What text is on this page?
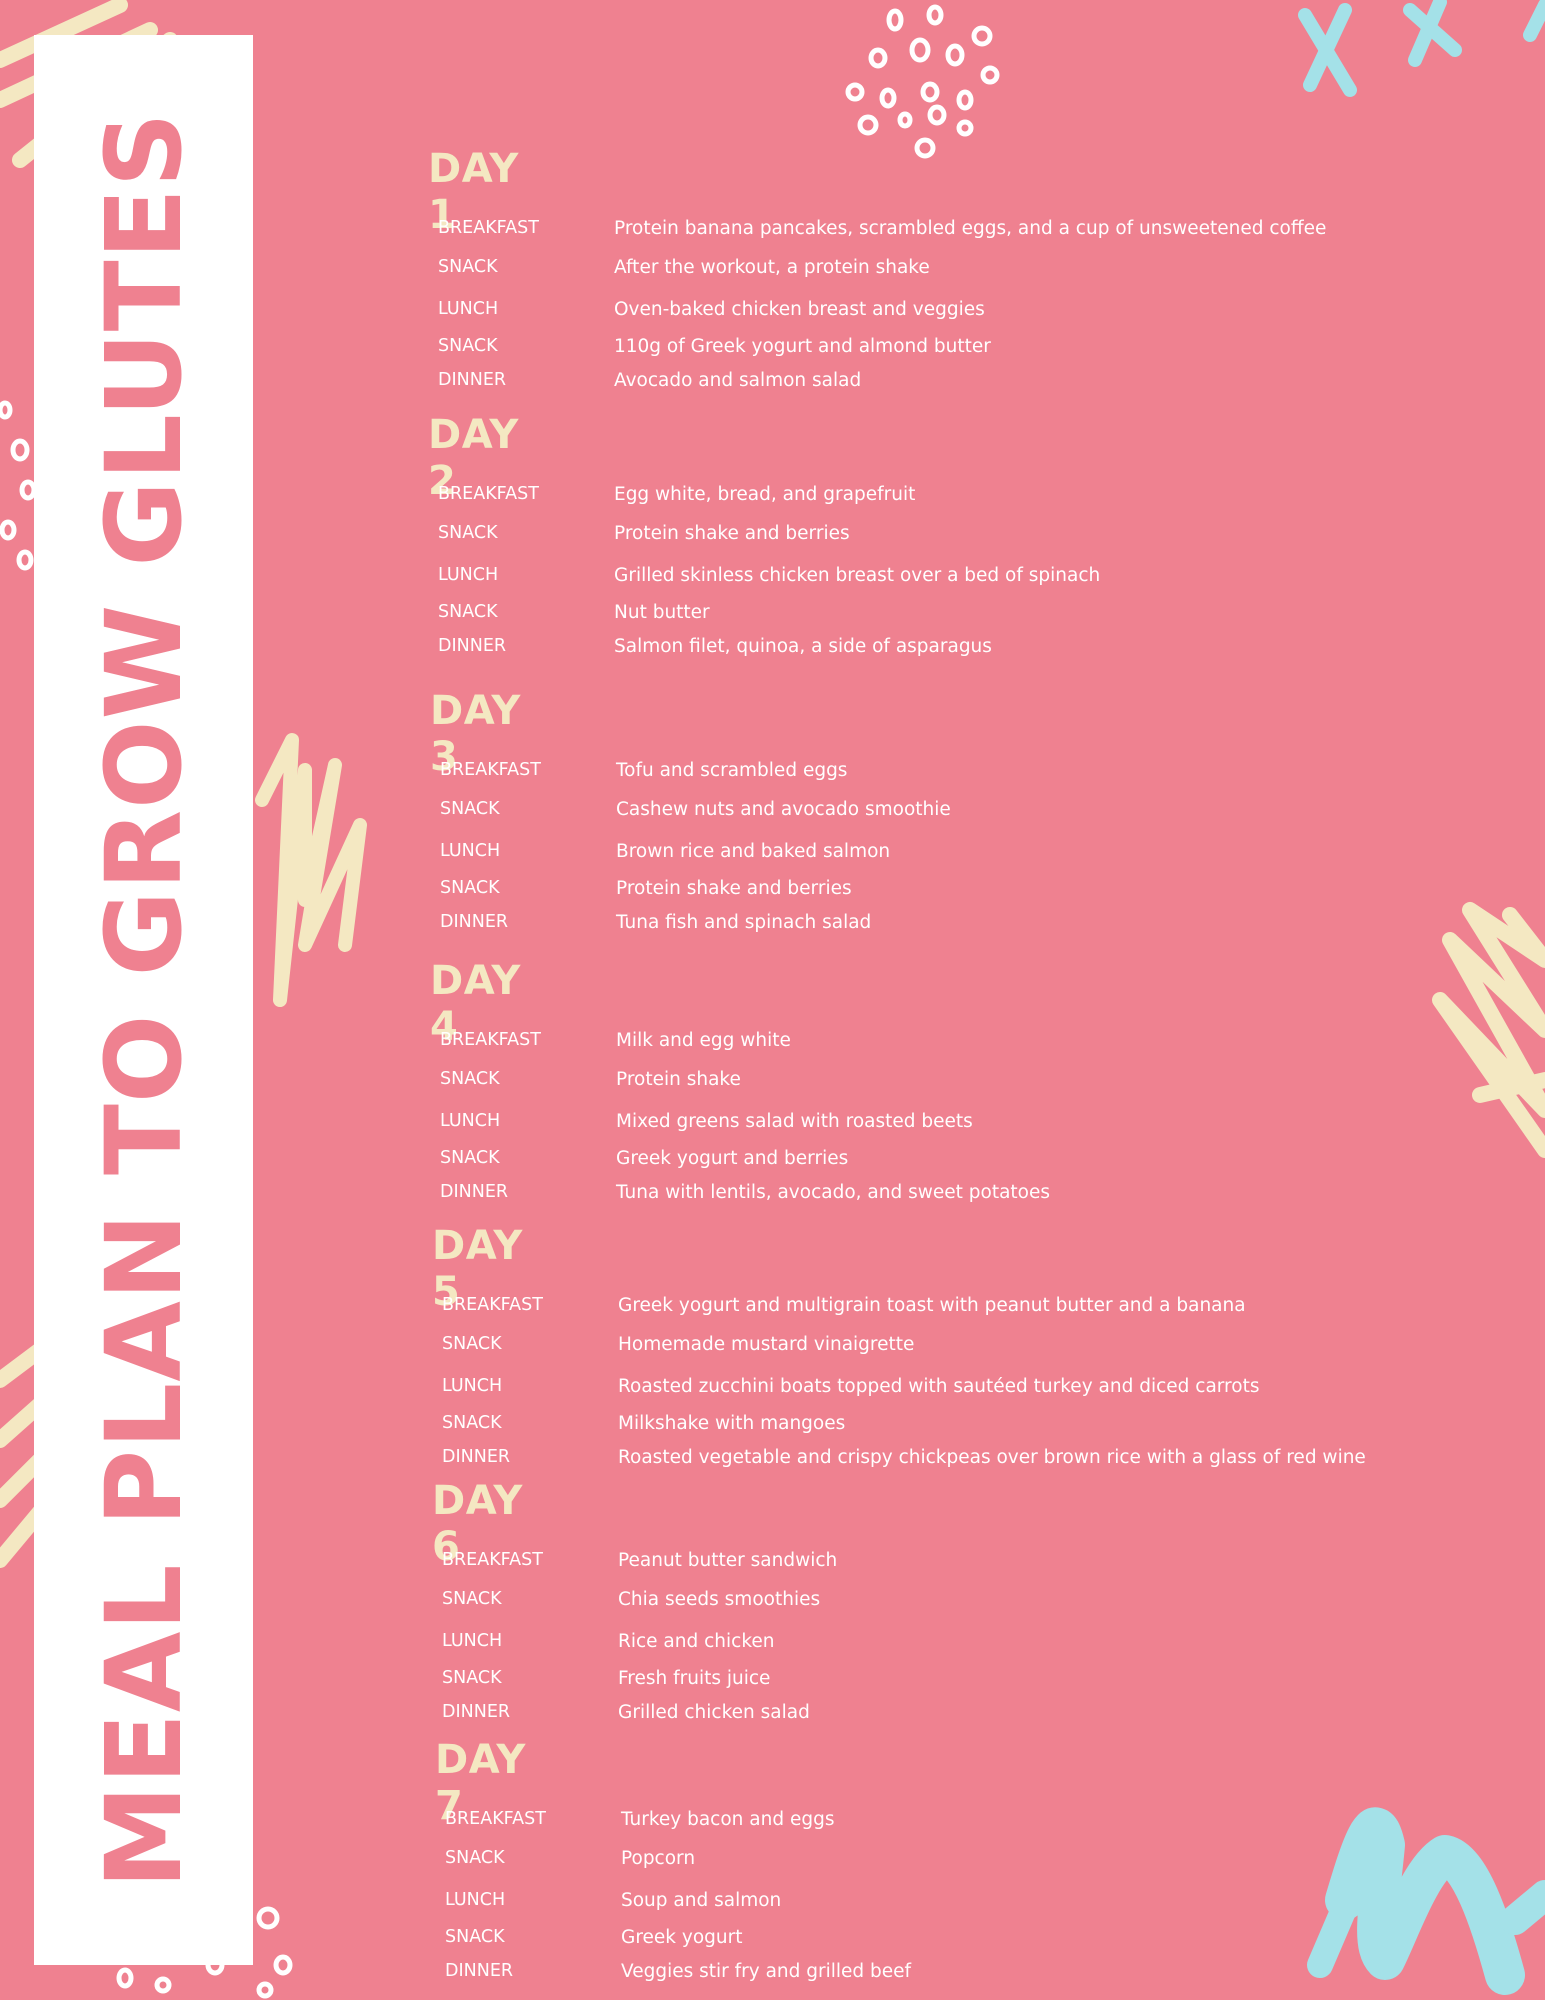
MEAL PLAN TO GROW GLUTES	DAY 1
BREAKFAST	Protein banana pancakes, scrambled eggs, and a cup of unsweetened coffee
SNACK	After the workout, a protein shake
LUNCH	Oven-baked chicken breast and veggies
SNACK	110g of Greek yogurt and almond butter
DINNER	Avocado and salmon salad
DAY 2
BREAKFAST	Egg white, bread, and grapefruit
SNACK	Protein shake and berries
LUNCH	Grilled skinless chicken breast over a bed of spinach
SNACK	Nut butter
DINNER	Salmon filet, quinoa, a side of asparagus
DAY 3
BREAKFAST	Tofu and scrambled eggs
SNACK	Cashew nuts and avocado smoothie
LUNCH	Brown rice and baked salmon
SNACK	Protein shake and berries
DINNER	Tuna fish and spinach salad
DAY 4
BREAKFAST	Milk and egg white
SNACK	Protein shake
LUNCH	Mixed greens salad with roasted beets
SNACK	Greek yogurt and berries
DINNER	Tuna with lentils, avocado, and sweet potatoes
DAY 5
BREAKFAST	Greek yogurt and multigrain toast with peanut butter and a banana
SNACK	Homemade mustard vinaigrette
LUNCH	Roasted zucchini boats topped with sautéed turkey and diced carrots
SNACK	Milkshake with mangoes
DINNER	Roasted vegetable and crispy chickpeas over brown rice with a glass of red wine
DAY 6
BREAKFAST	Peanut butter sandwich
SNACK	Chia seeds smoothies
LUNCH	Rice and chicken
SNACK	Fresh fruits juice
DINNER	Grilled chicken salad
DAY 7
BREAKFAST	Turkey bacon and eggs
SNACK	Popcorn
LUNCH	Soup and salmon
SNACK	Greek yogurt
DINNER	Veggies stir fry and grilled beef
